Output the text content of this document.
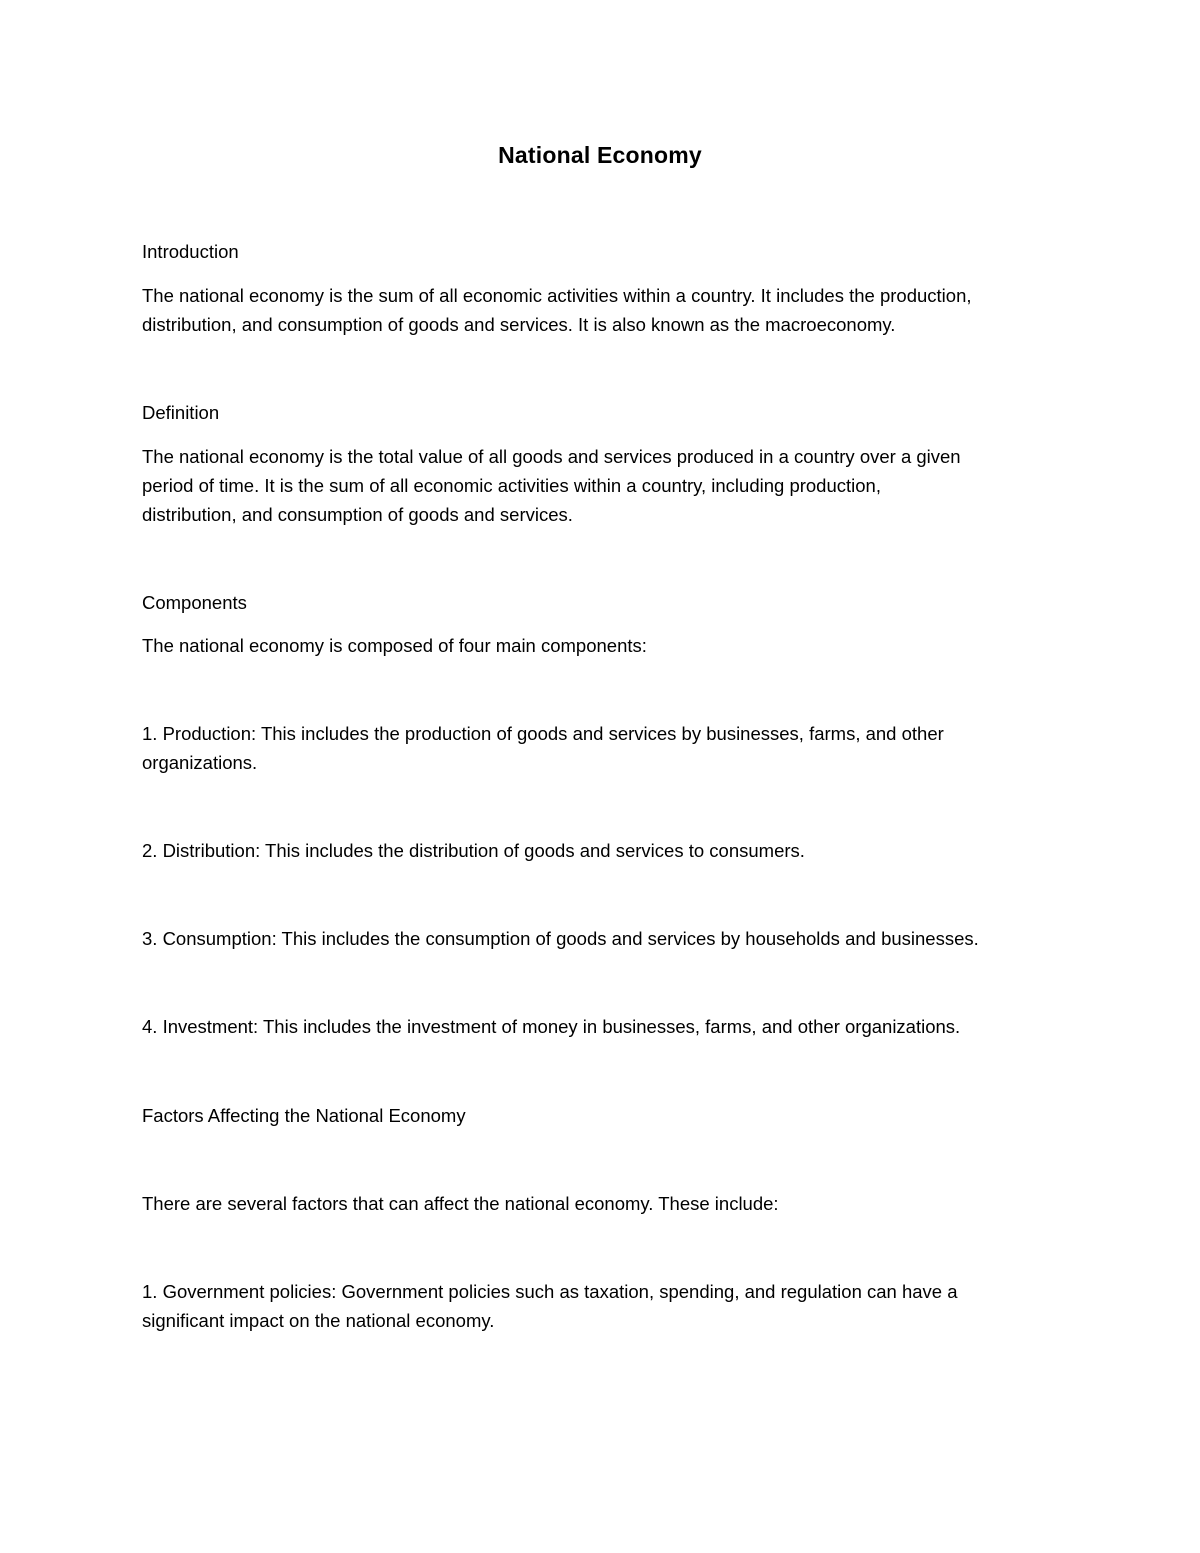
National Economy
Introduction
The national economy is the sum of all economic activities within a country. It includes the production,
distribution, and consumption of goods and services. It is also known as the macroeconomy.
Definition
The national economy is the total value of all goods and services produced in a country over a given
period of time. It is the sum of all economic activities within a country, including production,
distribution, and consumption of goods and services.
Components
The national economy is composed of four main components:
1. Production: This includes the production of goods and services by businesses, farms, and other
organizations.
2. Distribution: This includes the distribution of goods and services to consumers.
3. Consumption: This includes the consumption of goods and services by households and businesses.
4. Investment: This includes the investment of money in businesses, farms, and other organizations.
Factors Affecting the National Economy
There are several factors that can affect the national economy. These include:
1. Government policies: Government policies such as taxation, spending, and regulation can have a
significant impact on the national economy.
